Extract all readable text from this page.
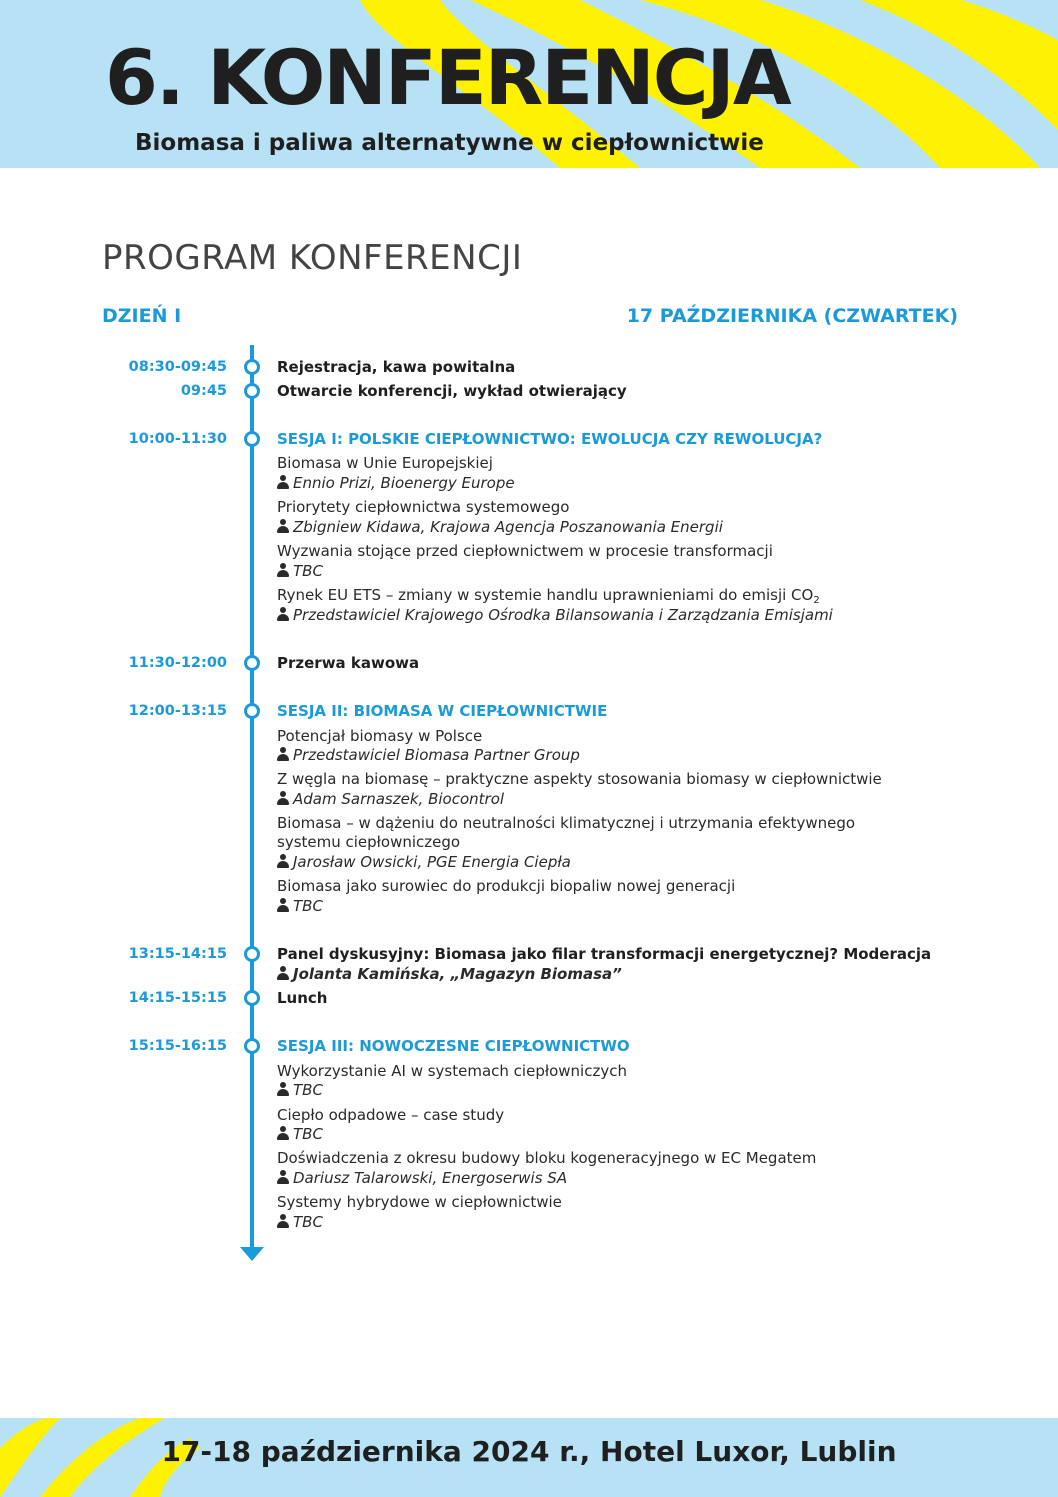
6. KONFERENCJA
Biomasa i paliwa alternatywne w ciepłownictwie
PROGRAM KONFERENCJI
DZIEŃ I	17 PAŹDZIERNIKA (CZWARTEK)
08:30-09:45	Rejestracja, kawa powitalna
09:45	Otwarcie konferencji, wykład otwierający
10:00-11:30	SESJA I: POLSKIE CIEPŁOWNICTWO: EWOLUCJA CZY REWOLUCJA?
Biomasa w Unie Europejskiej
Ennio Prizi, Bioenergy Europe
Priorytety ciepłownictwa systemowego
Zbigniew Kidawa, Krajowa Agencja Poszanowania Energii
Wyzwania stojące przed ciepłownictwem w procesie transformacji
TBC
Rynek EU ETS – zmiany w systemie handlu uprawnieniami do emisji $CO_2$
Przedstawiciel Krajowego Ośrodka Bilansowania i Zarządzania Emisjami
11:30-12:00	Przerwa kawowa
12:00-13:15	SESJA II: BIOMASA W CIEPŁOWNICTWIE
Potencjał biomasy w Polsce
Przedstawiciel Biomasa Partner Group
Z węgla na biomasę – praktyczne aspekty stosowania biomasy w ciepłownictwie
Adam Sarnaszek, Biocontrol
Biomasa – w dążeniu do neutralności klimatycznej i utrzymania efektywnego
systemu ciepłowniczego
Jarosław Owsicki, PGE Energia Ciepła
Biomasa jako surowiec do produkcji biopaliw nowej generacji
TBC
13:15-14:15	Panel dyskusyjny: Biomasa jako filar transformacji energetycznej? Moderacja
Jolanta Kamińska, „Magazyn Biomasa”
14:15-15:15	Lunch
15:15-16:15	SESJA III: NOWOCZESNE CIEPŁOWNICTWO
Wykorzystanie AI w systemach ciepłowniczych
TBC
Ciepło odpadowe – case study
TBC
Doświadczenia z okresu budowy bloku kogeneracyjnego w EC Megatem
Dariusz Talarowski, Energoserwis SA
Systemy hybrydowe w ciepłownictwie
TBC
17-18 października 2024 r., Hotel Luxor, Lublin
